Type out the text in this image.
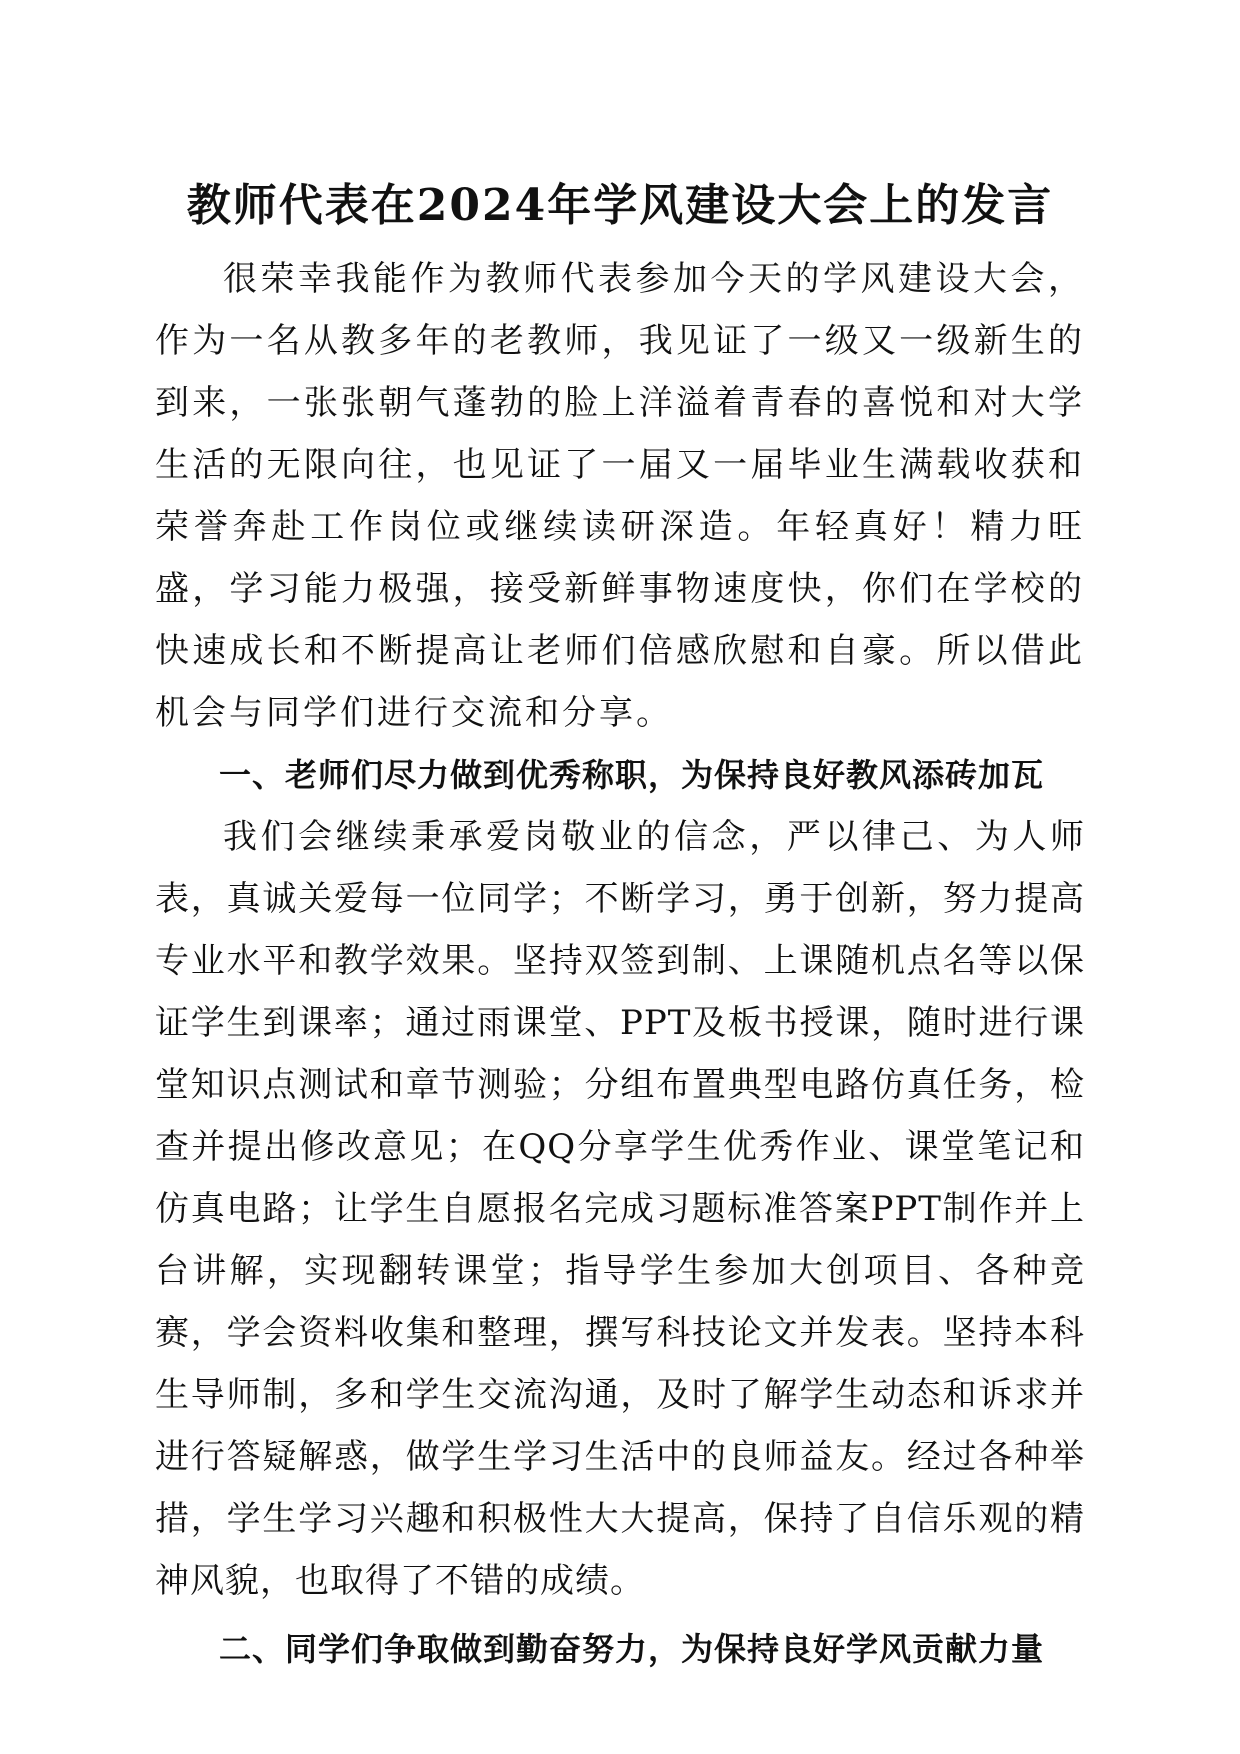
教师代表在2024年学风建设大会上的发言

很荣幸我能作为教师代表参加今天的学风建设大会，作为一名从教多年的老教师，我见证了一级又一级新生的到来，一张张朝气蓬勃的脸上洋溢着青春的喜悦和对大学生活的无限向往，也见证了一届又一届毕业生满载收获和荣誉奔赴工作岗位或继续读研深造。年轻真好！精力旺盛，学习能力极强，接受新鲜事物速度快，你们在学校的快速成长和不断提高让老师们倍感欣慰和自豪。所以借此机会与同学们进行交流和分享。

一、老师们尽力做到优秀称职，为保持良好教风添砖加瓦

我们会继续秉承爱岗敬业的信念，严以律己、为人师表，真诚关爱每一位同学；不断学习，勇于创新，努力提高专业水平和教学效果。坚持双签到制、上课随机点名等以保证学生到课率；通过雨课堂、PPT及板书授课，随时进行课堂知识点测试和章节测验；分组布置典型电路仿真任务，检查并提出修改意见；在QQ分享学生优秀作业、课堂笔记和仿真电路；让学生自愿报名完成习题标准答案PPT制作并上台讲解，实现翻转课堂；指导学生参加大创项目、各种竞赛，学会资料收集和整理，撰写科技论文并发表。坚持本科生导师制，多和学生交流沟通，及时了解学生动态和诉求并进行答疑解惑，做学生学习生活中的良师益友。经过各种举措，学生学习兴趣和积极性大大提高，保持了自信乐观的精神风貌，也取得了不错的成绩。

二、同学们争取做到勤奋努力，为保持良好学风贡献力量
